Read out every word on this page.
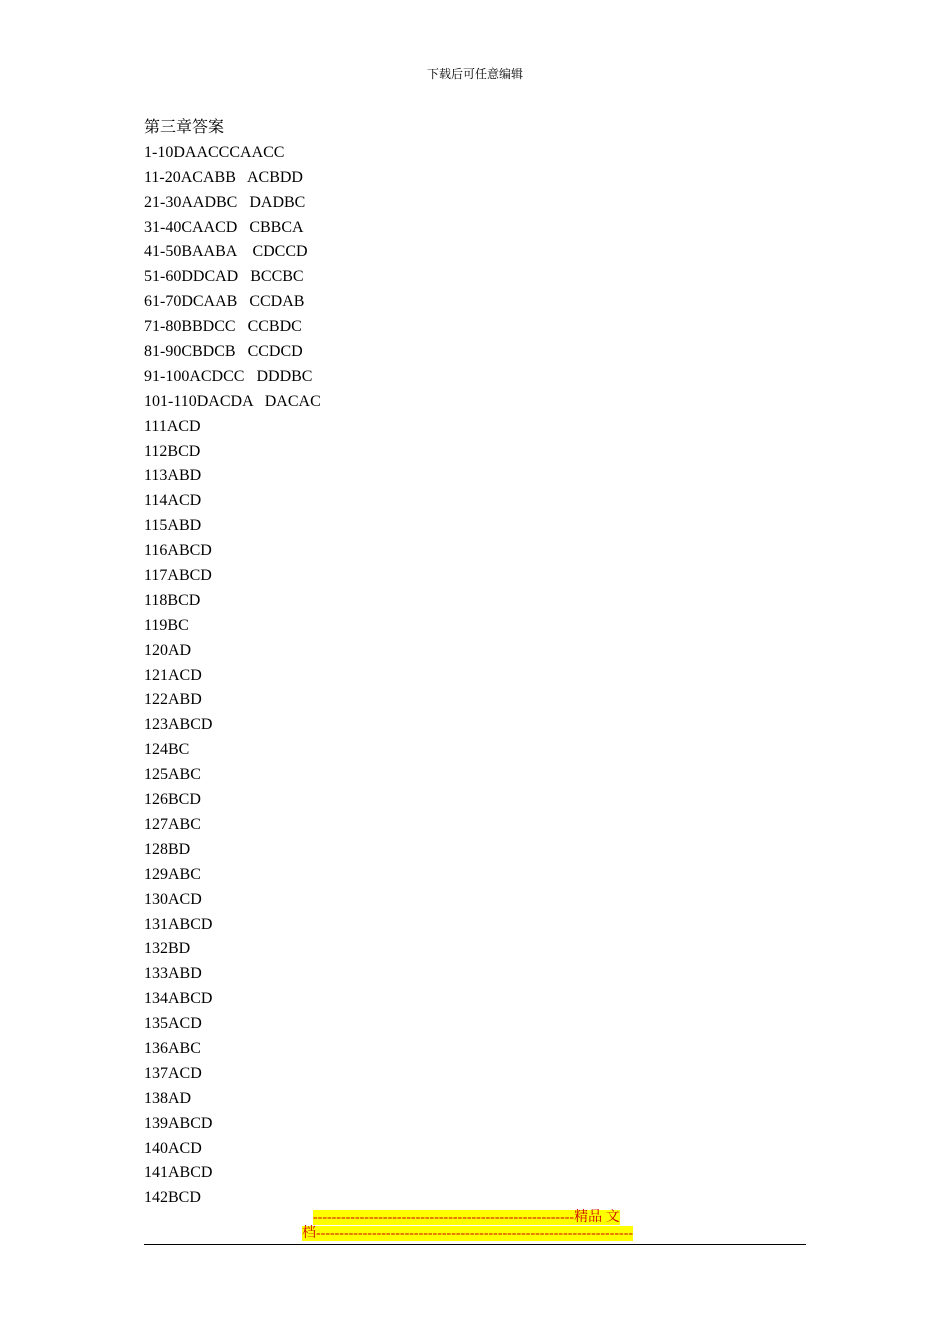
下载后可任意编辑
第三章答案
1-10DAACCCAACC
11-20ACABB   ACBDD
21-30AADBC   DADBC
31-40CAACD   CBBCA
41-50BAABA    CDCCD
51-60DDCAD   BCCBC
61-70DCAAB   CCDAB
71-80BBDCC   CCBDC
81-90CBDCB   CCDCD
91-100ACDCC   DDDBC
101-110DACDA   DACAC
111ACD
112BCD
113ABD
114ACD
115ABD
116ABCD
117ABCD
118BCD
119BC
120AD
121ACD
122ABD
123ABCD
124BC
125ABC
126BCD
127ABC
128BD
129ABC
130ACD
131ABCD
132BD
133ABD
134ABCD
135ACD
136ABC
137ACD
138AD
139ABCD
140ACD
141ABCD
142BCD
--------------------------------------------------------精品 文
档--------------------------------------------------------------------
